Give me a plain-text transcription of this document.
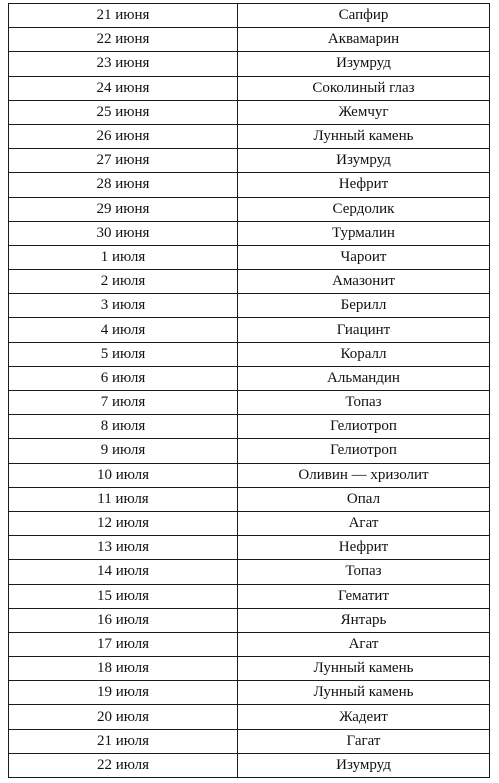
21 июня	Сапфир
22 июня	Аквамарин
23 июня	Изумруд
24 июня	Соколиный глаз
25 июня	Жемчуг
26 июня	Лунный камень
27 июня	Изумруд
28 июня	Нефрит
29 июня	Сердолик
30 июня	Турмалин
1 июля	Чароит
2 июля	Амазонит
3 июля	Берилл
4 июля	Гиацинт
5 июля	Коралл
6 июля	Альмандин
7 июля	Топаз
8 июля	Гелиотроп
9 июля	Гелиотроп
10 июля	Оливин — хризолит
11 июля	Опал
12 июля	Агат
13 июля	Нефрит
14 июля	Топаз
15 июля	Гематит
16 июля	Янтарь
17 июля	Агат
18 июля	Лунный камень
19 июля	Лунный камень
20 июля	Жадеит
21 июля	Гагат
22 июля	Изумруд
